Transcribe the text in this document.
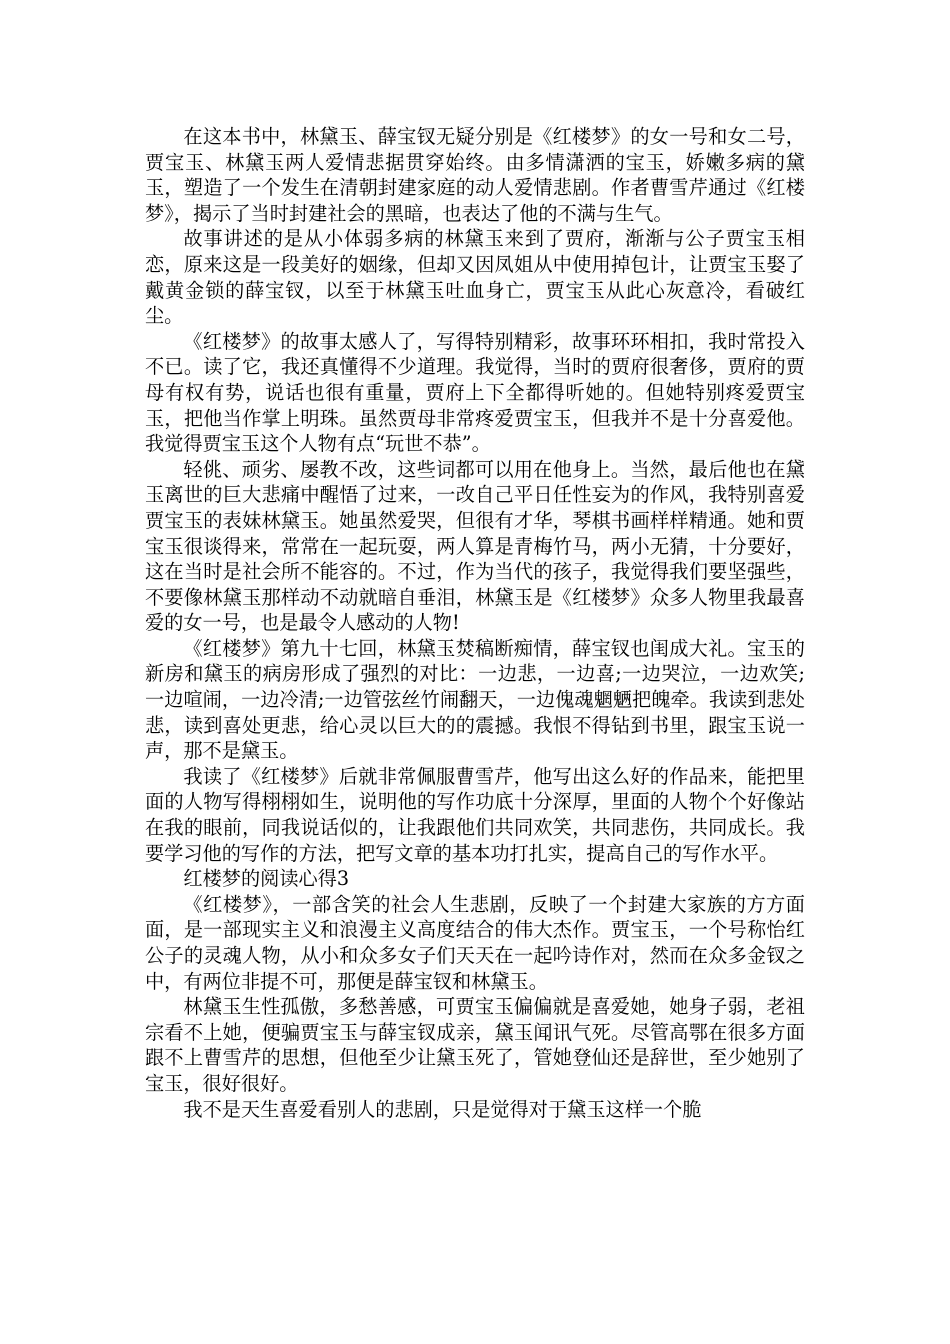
在这本书中，林黛玉、薛宝钗无疑分别是《红楼梦》的女一号和女二号，贾宝玉、林黛玉两人爱情悲据贯穿始终。由多情潇洒的宝玉，娇嫩多病的黛玉，塑造了一个发生在清朝封建家庭的动人爱情悲剧。作者曹雪芹通过《红楼梦》，揭示了当时封建社会的黑暗，也表达了他的不满与生气。

故事讲述的是从小体弱多病的林黛玉来到了贾府，渐渐与公子贾宝玉相恋，原来这是一段美好的姻缘，但却又因凤姐从中使用掉包计，让贾宝玉娶了戴黄金锁的薛宝钗，以至于林黛玉吐血身亡，贾宝玉从此心灰意冷，看破红尘。

《红楼梦》的故事太感人了，写得特别精彩，故事环环相扣，我时常投入不已。读了它，我还真懂得不少道理。我觉得，当时的贾府很奢侈，贾府的贾母有权有势，说话也很有重量，贾府上下全都得听她的。但她特别疼爱贾宝玉，把他当作掌上明珠。虽然贾母非常疼爱贾宝玉，但我并不是十分喜爱他。我觉得贾宝玉这个人物有点“玩世不恭”。

轻佻、顽劣、屡教不改，这些词都可以用在他身上。当然，最后他也在黛玉离世的巨大悲痛中醒悟了过来，一改自己平日任性妄为的作风，我特别喜爱贾宝玉的表妹林黛玉。她虽然爱哭，但很有才华，琴棋书画样样精通。她和贾宝玉很谈得来，常常在一起玩耍，两人算是青梅竹马，两小无猜，十分要好，这在当时是社会所不能容的。不过，作为当代的孩子，我觉得我们要坚强些，不要像林黛玉那样动不动就暗自垂泪，林黛玉是《红楼梦》众多人物里我最喜爱的女一号，也是最令人感动的人物!

《红楼梦》第九十七回，林黛玉焚稿断痴情，薛宝钗也闺成大礼。宝玉的新房和黛玉的病房形成了强烈的对比：一边悲，一边喜;一边哭泣，一边欢笑;一边喧闹，一边冷清;一边管弦丝竹闹翻天，一边傀魂魍魉把魄牵。我读到悲处悲，读到喜处更悲，给心灵以巨大的的震撼。我恨不得钻到书里，跟宝玉说一声，那不是黛玉。

我读了《红楼梦》后就非常佩服曹雪芹，他写出这么好的作品来，能把里面的人物写得栩栩如生，说明他的写作功底十分深厚，里面的人物个个好像站在我的眼前，同我说话似的，让我跟他们共同欢笑，共同悲伤，共同成长。我要学习他的写作的方法，把写文章的基本功打扎实，提高自己的写作水平。

红楼梦的阅读心得3

《红楼梦》，一部含笑的社会人生悲剧，反映了一个封建大家族的方方面面，是一部现实主义和浪漫主义高度结合的伟大杰作。贾宝玉，一个号称怡红公子的灵魂人物，从小和众多女子们天天在一起吟诗作对，然而在众多金钗之中，有两位非提不可，那便是薛宝钗和林黛玉。

林黛玉生性孤傲，多愁善感，可贾宝玉偏偏就是喜爱她，她身子弱，老祖宗看不上她，便骗贾宝玉与薛宝钗成亲，黛玉闻讯气死。尽管高鄂在很多方面跟不上曹雪芹的思想，但他至少让黛玉死了，管她登仙还是辞世，至少她别了宝玉，很好很好。

我不是天生喜爱看别人的悲剧，只是觉得对于黛玉这样一个脆
